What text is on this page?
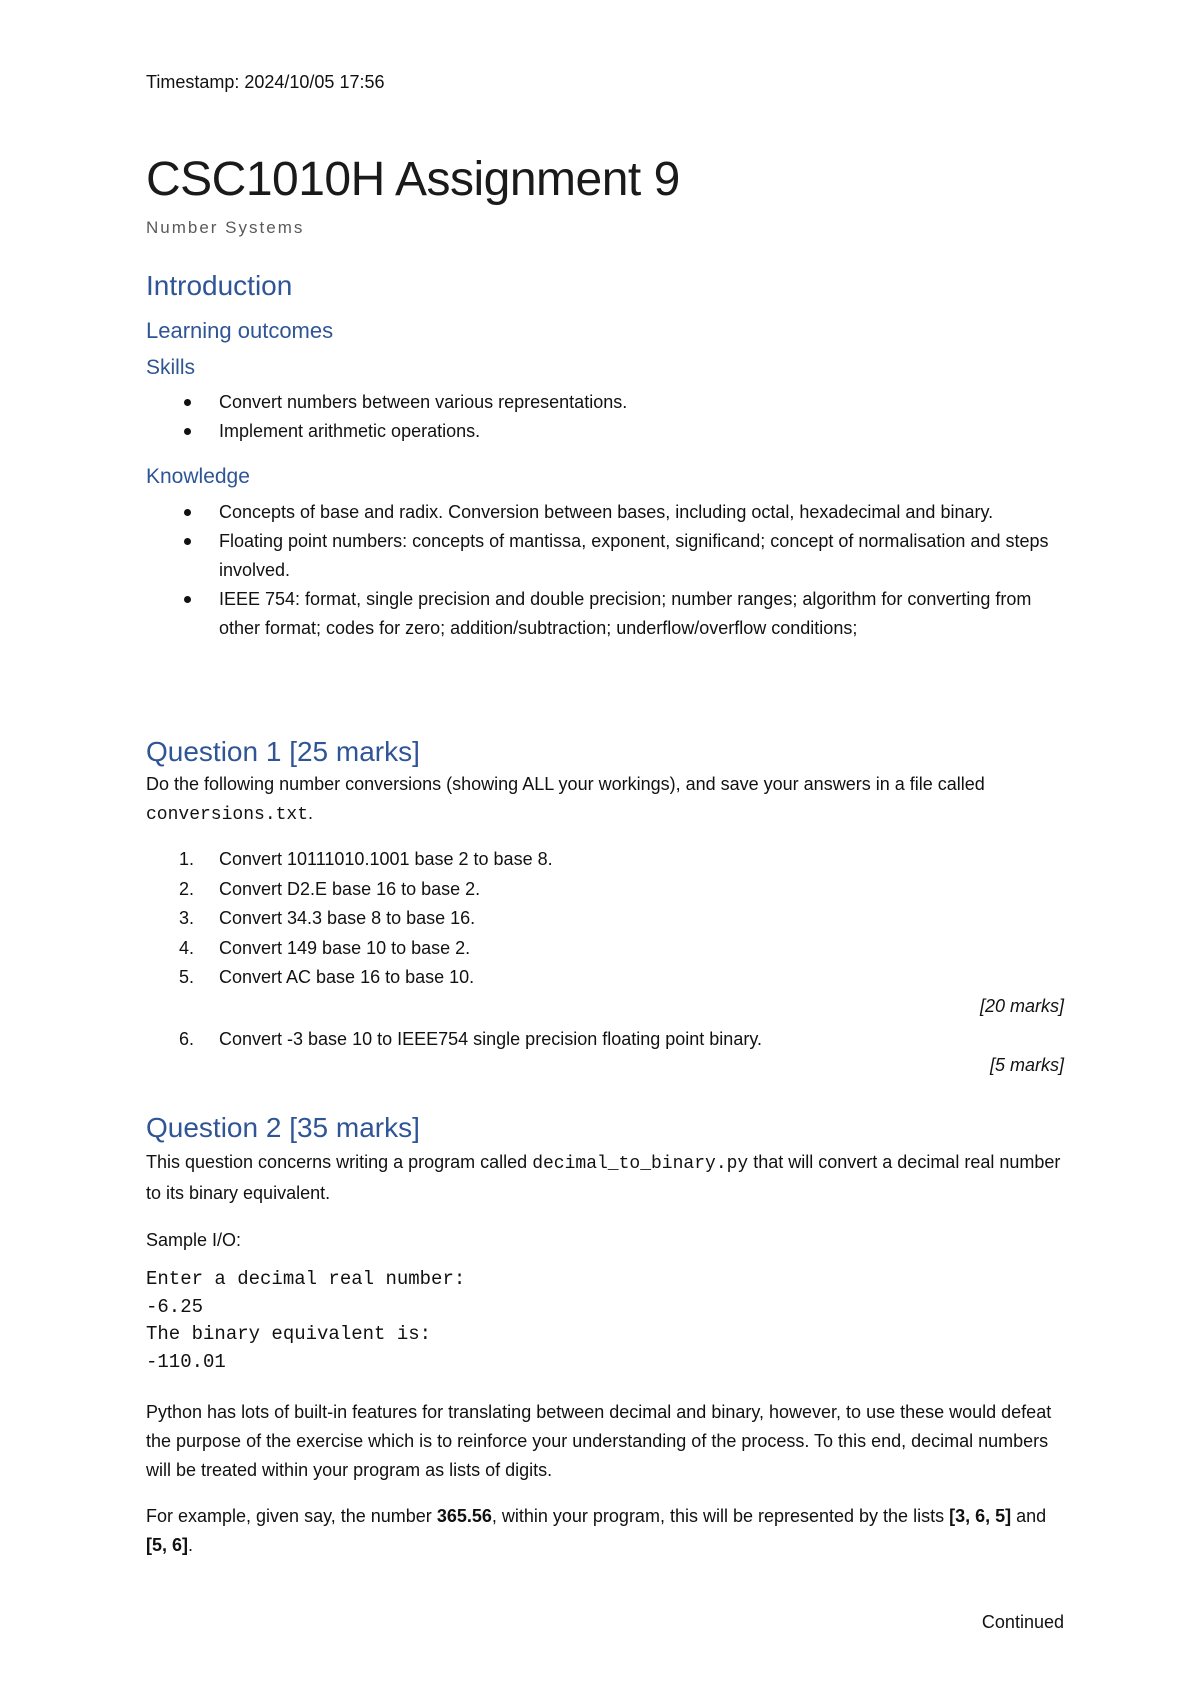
Timestamp: 2024/10/05 17:56
CSC1010H Assignment 9
Number Systems
Introduction
Learning outcomes
Skills
Convert numbers between various representations.
Implement arithmetic operations.
Knowledge
Concepts of base and radix. Conversion between bases, including octal, hexadecimal and binary.
Floating point numbers: concepts of mantissa, exponent, significand; concept of normalisation and steps involved.
IEEE 754: format, single precision and double precision; number ranges; algorithm for converting from other format; codes for zero; addition/subtraction; underflow/overflow conditions;
Question 1 [25 marks]

Do the following number conversions (showing ALL your workings), and save your answers in a file called conversions.txt.

1. Convert 10111010.1001 base 2 to base 8.
2. Convert D2.E base 16 to base 2.
3. Convert 34.3 base 8 to base 16.
4. Convert 149 base 10 to base 2.
5. Convert AC base 16 to base 10.
[20 marks]
6. Convert -3 base 10 to IEEE754 single precision floating point binary.
[5 marks]
Question 2 [35 marks]

This question concerns writing a program called decimal_to_binary.py that will convert a decimal real number to its binary equivalent.

Sample I/O:

Enter a decimal real number:
-6.25
The binary equivalent is:
-110.01

Python has lots of built-in features for translating between decimal and binary, however, to use these would defeat the purpose of the exercise which is to reinforce your understanding of the process. To this end, decimal numbers will be treated within your program as lists of digits.

For example, given say, the number 365.56, within your program, this will be represented by the lists [3, 6, 5] and [5, 6].

Continued
